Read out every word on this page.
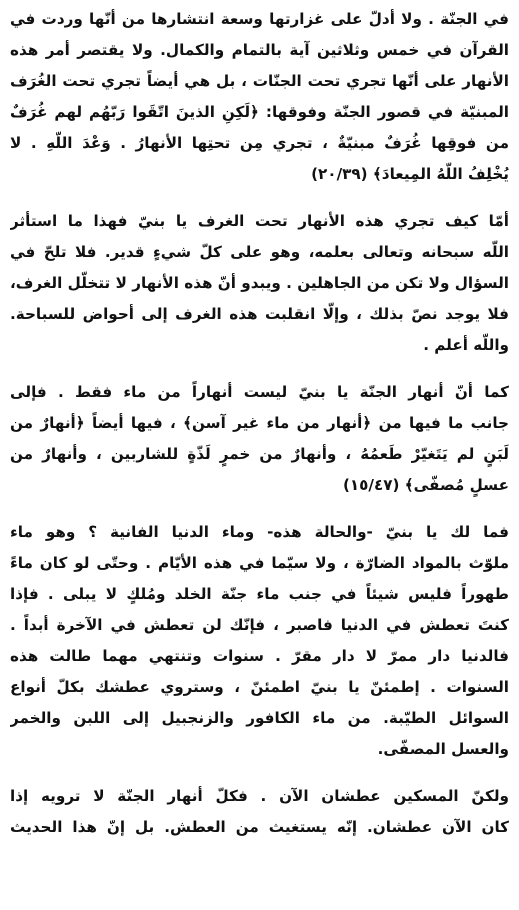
في الجنّة . ولا أدلّ على غزارتها وسعة انتشارها من أنّها وردت في
القرآن في خمس وثلاثين آية بالتمام والكمال. ولا يقتصر أمر هذه
الأنهار على أنّها تجري تحت الجنّات ، بل هي أيضاً تجري تحت الغُرَف
المبنيّة في قصور الجنّة وفوقها: ﴿لَكِنِ الذينَ اتّقَوا رَبّهُم لهم غُرَفٌ
من فوقِها غُرَفٌ مبنيّةٌ ، تجري مِن تحتِها الأنهارُ . وَعْدَ اللّهِ . لا
يُخْلِفُ اللّهُ المِيعادَ﴾ (٢٠/٣٩)
أمّا كيف تجري هذه الأنهار تحت الغرف يا بنيّ فهذا ما استأثر
اللّه سبحانه وتعالى بعلمه، وهو على كلّ شيءٍ قدير. فلا تلحّ في
السؤال ولا تكن من الجاهلين . ويبدو أنّ هذه الأنهار لا تتخلّل الغرف،
فلا يوجد نصّ بذلك ، وإلّا انقلبت هذه الغرف إلى أحواض للسباحة.
واللّه أعلم .
كما أنّ أنهار الجنّة يا بنيّ ليست أنهاراً من ماء فقط . فإلى
جانب ما فيها من ﴿أنهار من ماء غير آسن﴾ ، فيها أيضاً ﴿أنهارٌ من
لَبَنٍ لم يَتَغيّرْ طَعمُهُ ، وأنهارٌ من خمرٍ لَذّةٍ للشاربين ، وأنهارٌ من
عسلٍ مُصفّى﴾ (١٥/٤٧)
فما لك يا بنيّ -والحالة هذه- وماء الدنيا الفانية ؟ وهو ماء
ملوّث بالمواد الضارّة ، ولا سيّما في هذه الأيّام . وحتّى لو كان ماءً
طهوراً فليس شيئاً في جنب ماء جنّة الخلد ومُلكٍ لا يبلى . فإذا
كنتَ تعطش في الدنيا فاصبر ، فإنّك لن تعطش في الآخرة أبداً .
فالدنيا دار ممرّ لا دار مقرّ . سنوات وتنتهي مهما طالت هذه
السنوات . إطمئنّ يا بنيّ اطمئنّ ، وستروي عطشك بكلّ أنواع
السوائل الطيّبة. من ماء الكافور والزنجبيل إلى اللبن والخمر
والعسل المصفّى.
ولكنّ المسكين عطشان الآن . فكلّ أنهار الجنّة لا ترويه إذا
كان الآن عطشان. إنّه يستغيث من العطش. بل إنّ هذا الحديث
